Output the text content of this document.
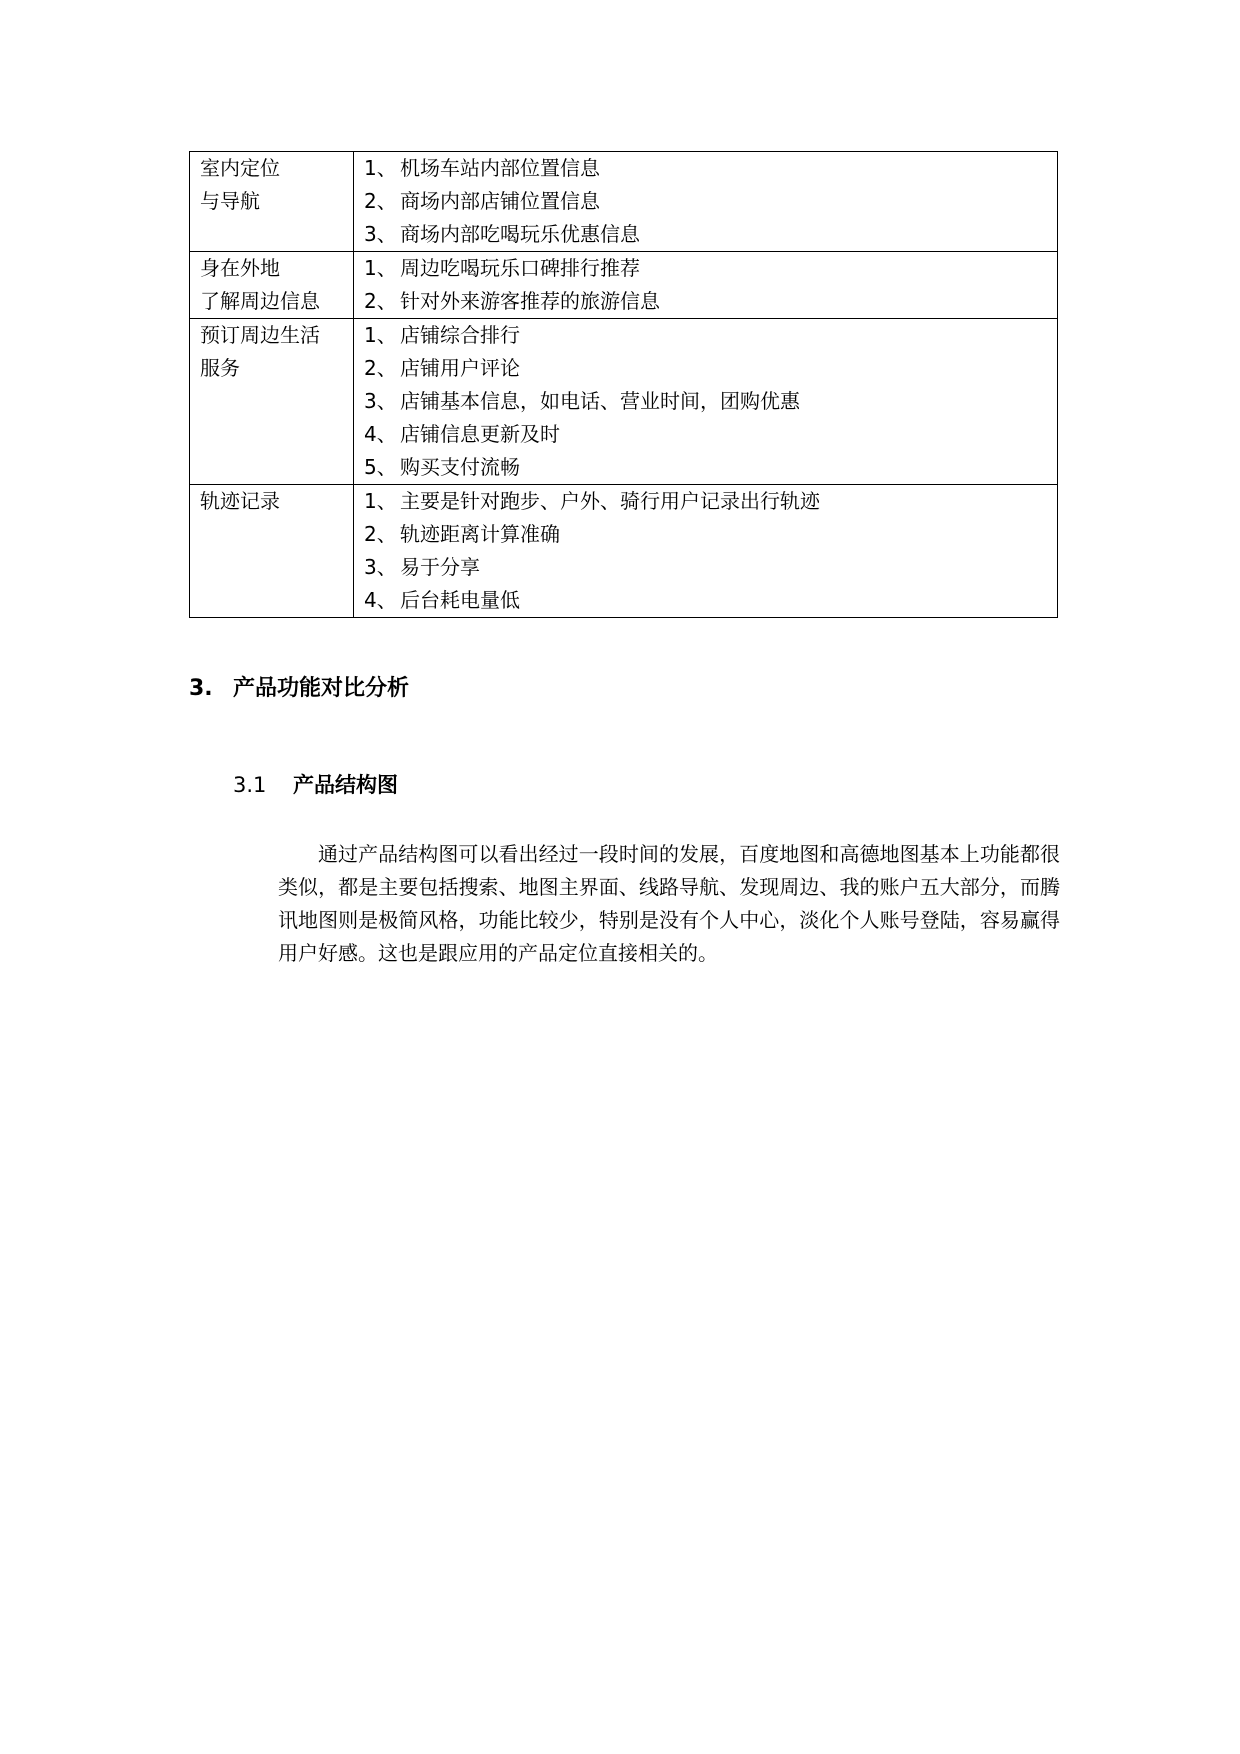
室内定位
与导航	1、 机场车站内部位置信息
2、 商场内部店铺位置信息
3、 商场内部吃喝玩乐优惠信息

身在外地
了解周边信息	1、 周边吃喝玩乐口碑排行推荐
2、 针对外来游客推荐的旅游信息

预订周边生活
服务	1、 店铺综合排行
2、 店铺用户评论
3、 店铺基本信息，如电话、营业时间，团购优惠
4、 店铺信息更新及时
5、 购买支付流畅

轨迹记录	1、 主要是针对跑步、户外、骑行用户记录出行轨迹
2、 轨迹距离计算准确
3、 易于分享
4、 后台耗电量低
3. 产品功能对比分析
3.1 产品结构图

通过产品结构图可以看出经过一段时间的发展，百度地图和高德地图基本上功能都很类似，都是主要包括搜索、地图主界面、线路导航、发现周边、我的账户五大部分，而腾讯地图则是极简风格，功能比较少，特别是没有个人中心，淡化个人账号登陆，容易赢得用户好感。这也是跟应用的产品定位直接相关的。
